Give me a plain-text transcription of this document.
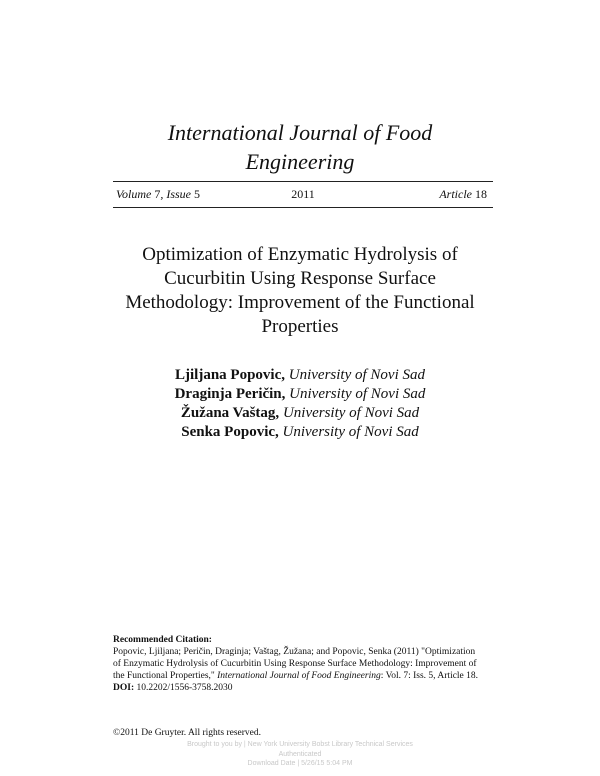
International Journal of Food
Engineering
Volume 7, Issue 5	2011	Article 18
Optimization of Enzymatic Hydrolysis of
Cucurbitin Using Response Surface
Methodology: Improvement of the Functional
Properties
Ljiljana Popovic, University of Novi Sad
Draginja Peričin, University of Novi Sad
Žužana Vaštag, University of Novi Sad
Senka Popovic, University of Novi Sad
Recommended Citation:
Popovic, Ljiljana; Peričin, Draginja; Vaštag, Žužana; and Popovic, Senka (2011) "Optimization
of Enzymatic Hydrolysis of Cucurbitin Using Response Surface Methodology: Improvement of
the Functional Properties," International Journal of Food Engineering: Vol. 7: Iss. 5, Article 18.
DOI: 10.2202/1556-3758.2030
©2011 De Gruyter. All rights reserved.
Brought to you by | New York University Bobst Library Technical Services
Authenticated
Download Date | 5/26/15 5:04 PM
